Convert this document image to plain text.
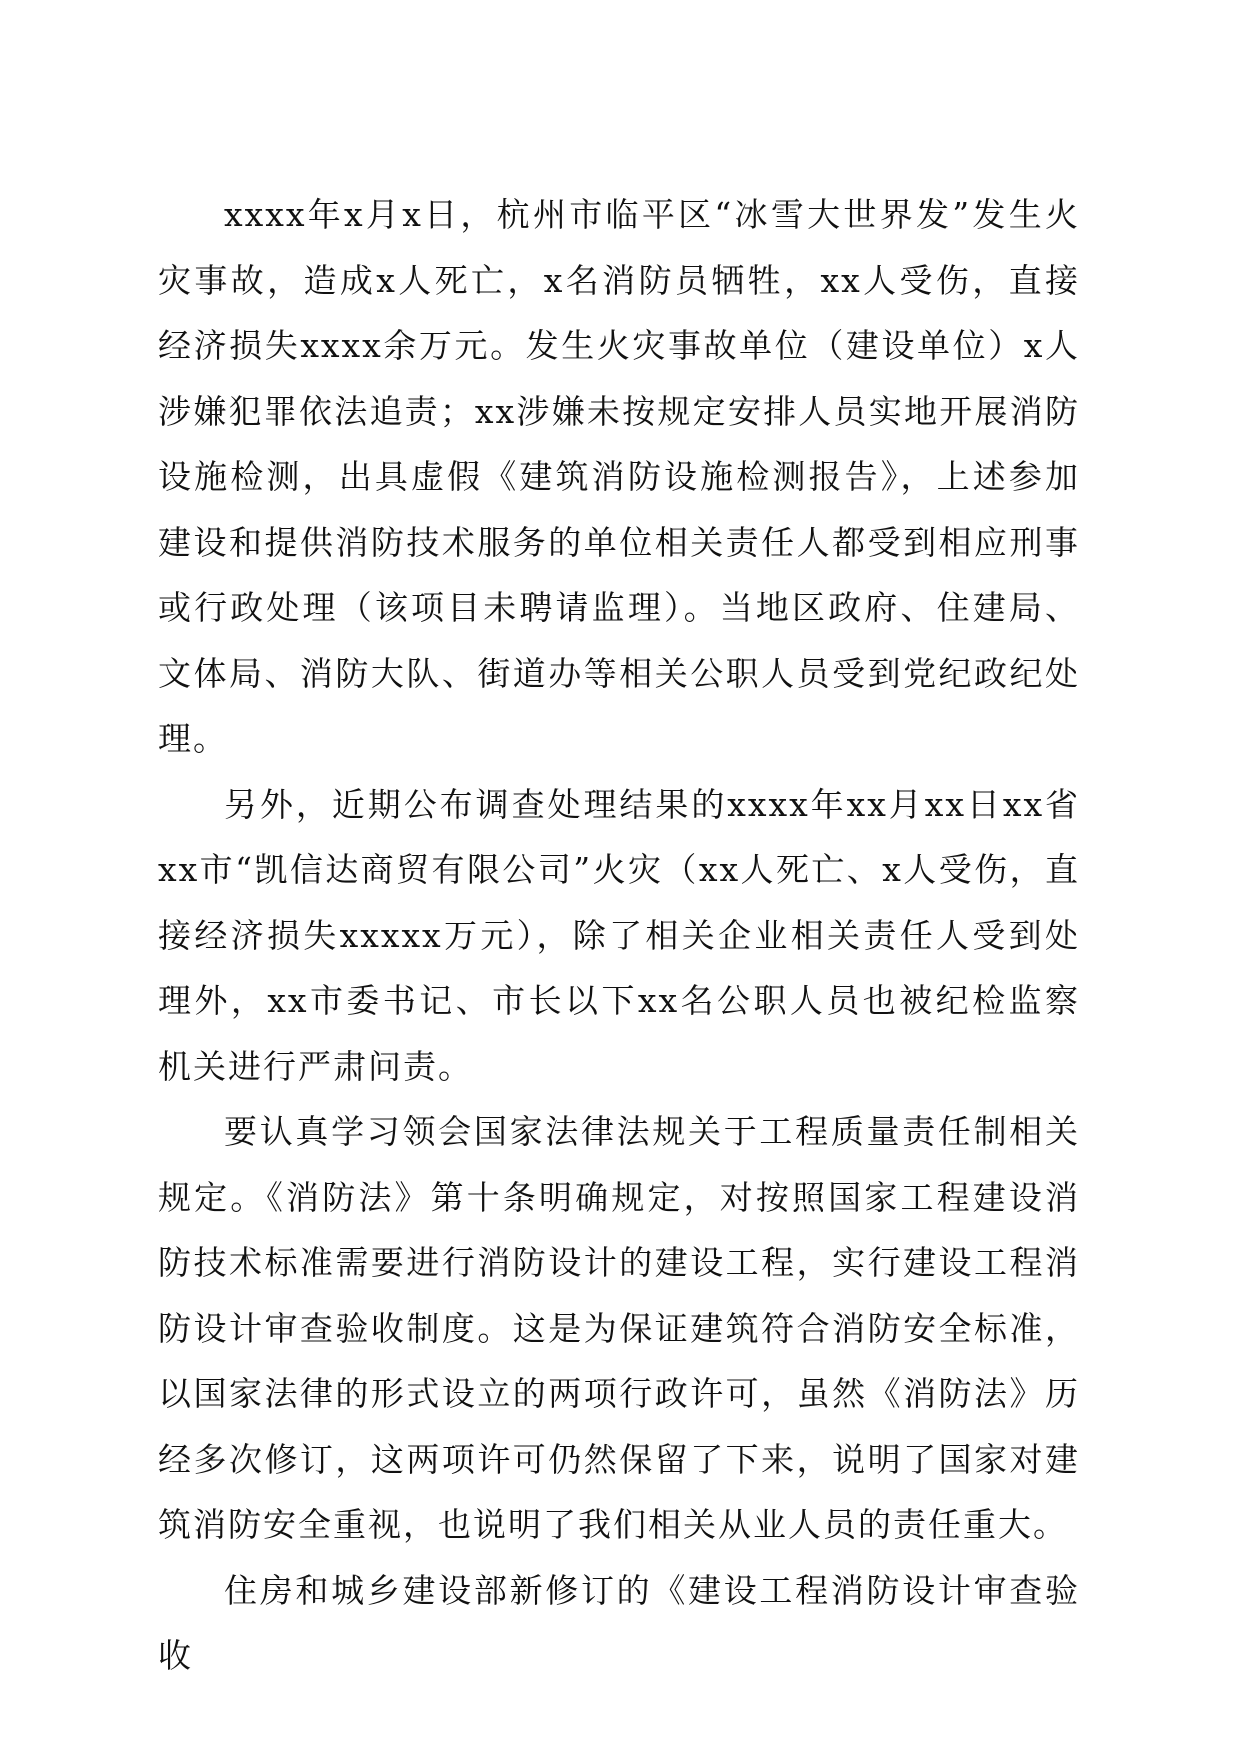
xxxx年x月x日，杭州市临平区“冰雪大世界发”发生火灾事故，造成x人死亡，x名消防员牺牲，xx人受伤，直接经济损失xxxx余万元。发生火灾事故单位（建设单位）x人涉嫌犯罪依法追责；xx涉嫌未按规定安排人员实地开展消防设施检测，出具虚假《建筑消防设施检测报告》，上述参加建设和提供消防技术服务的单位相关责任人都受到相应刑事或行政处理（该项目未聘请监理）。当地区政府、住建局、文体局、消防大队、街道办等相关公职人员受到党纪政纪处理。

另外，近期公布调查处理结果的xxxx年xx月xx日xx省xx市“凯信达商贸有限公司”火灾（xx人死亡、x人受伤，直接经济损失xxxxx万元），除了相关企业相关责任人受到处理外，xx市委书记、市长以下xx名公职人员也被纪检监察机关进行严肃问责。

要认真学习领会国家法律法规关于工程质量责任制相关规定。《消防法》第十条明确规定，对按照国家工程建设消防技术标准需要进行消防设计的建设工程，实行建设工程消防设计审查验收制度。这是为保证建筑符合消防安全标准，以国家法律的形式设立的两项行政许可，虽然《消防法》历经多次修订，这两项许可仍然保留了下来，说明了国家对建筑消防安全重视，也说明了我们相关从业人员的责任重大。

住房和城乡建设部新修订的《建设工程消防设计审查验收
